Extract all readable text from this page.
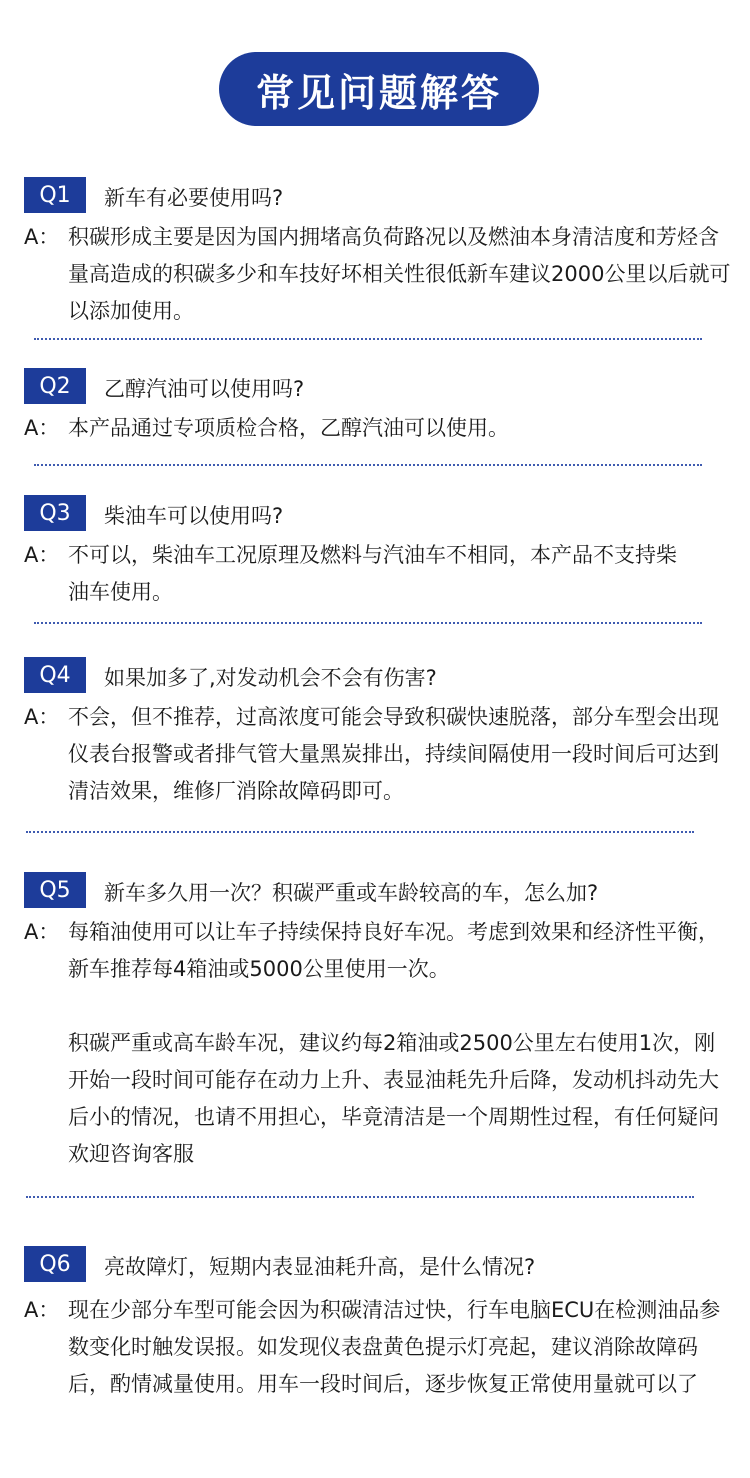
常见问题解答
Q1	新车有必要使用吗?
A： 积碳形成主要是因为国内拥堵高负荷路况以及燃油本身清洁度和芳烃含量高造成的积碳多少和车技好坏相关性很低新车建议2000公里以后就可以添加使用。

Q2	乙醇汽油可以使用吗?
A： 本产品通过专项质检合格，乙醇汽油可以使用。

Q3	柴油车可以使用吗?
A： 不可以，柴油车工况原理及燃料与汽油车不相同，本产品不支持柴油车使用。

Q4	如果加多了,对发动机会不会有伤害?
A： 不会，但不推荐，过高浓度可能会导致积碳快速脱落，部分车型会出现仪表台报警或者排气管大量黑炭排出，持续间隔使用一段时间后可达到清洁效果，维修厂消除故障码即可。

Q5	新车多久用一次？积碳严重或车龄较高的车，怎么加?
A： 每箱油使用可以让车子持续保持良好车况。考虑到效果和经济性平衡，新车推荐每4箱油或5000公里使用一次。

积碳严重或高车龄车况，建议约每2箱油或2500公里左右使用1次，刚开始一段时间可能存在动力上升、表显油耗先升后降，发动机抖动先大后小的情况，也请不用担心，毕竟清洁是一个周期性过程，有任何疑问欢迎咨询客服

Q6	亮故障灯，短期内表显油耗升高，是什么情况?
A： 现在少部分车型可能会因为积碳清洁过快，行车电脑ECU在检测油品参数变化时触发误报。如发现仪表盘黄色提示灯亮起，建议消除故障码后，酌情减量使用。用车一段时间后，逐步恢复正常使用量就可以了
